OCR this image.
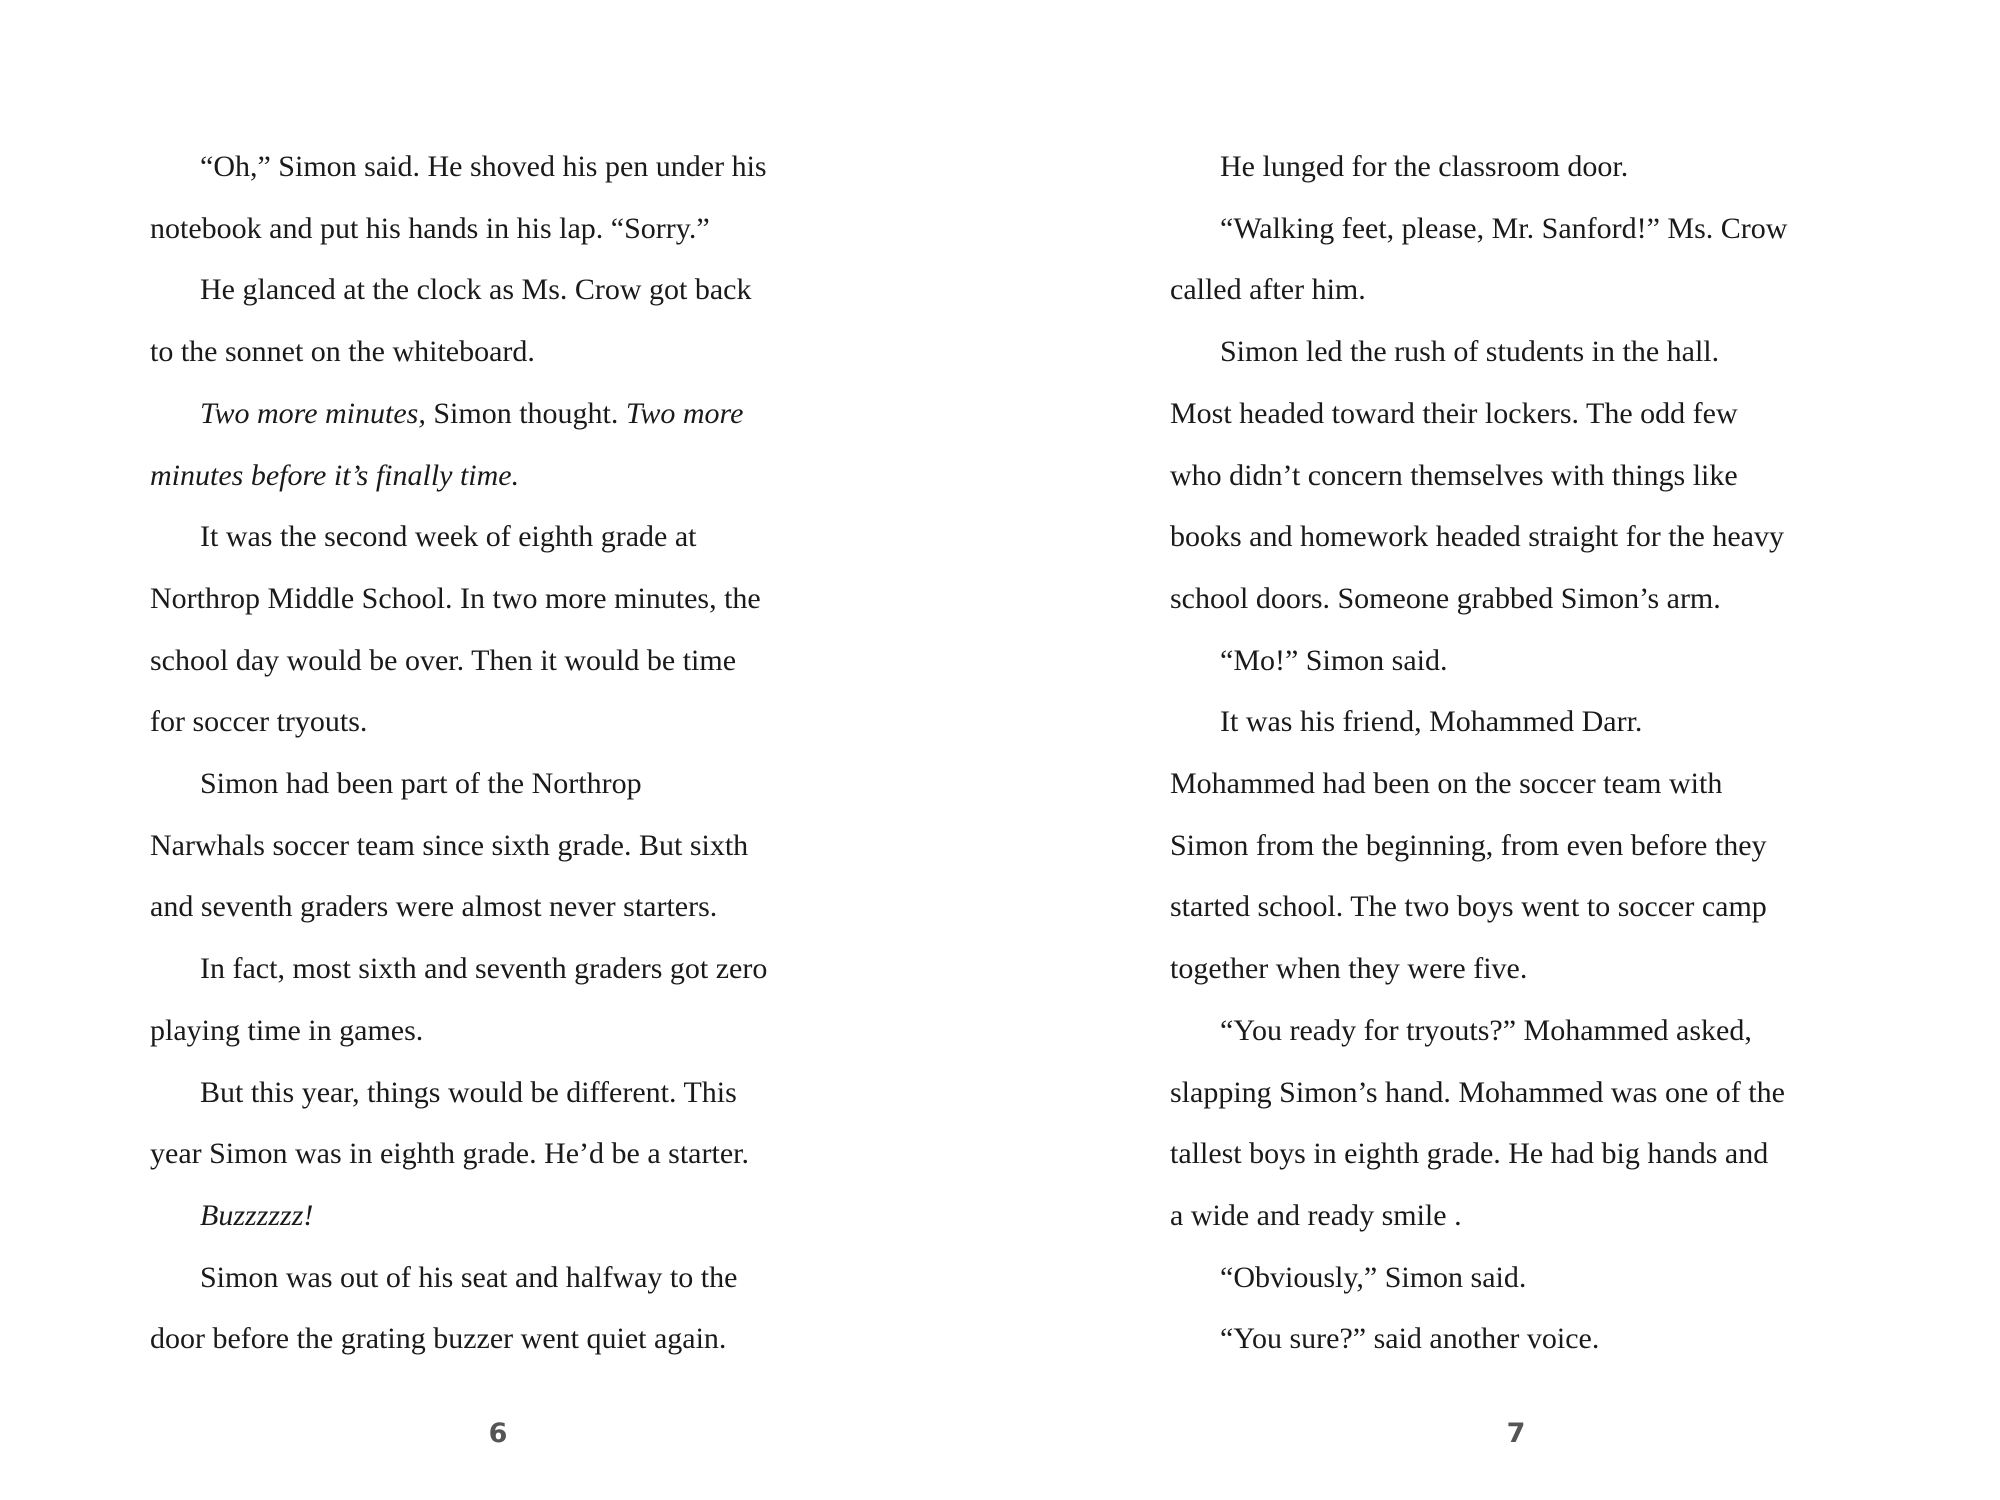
“Oh,” Simon said. He shoved his pen under his
notebook and put his hands in his lap. “Sorry.”
He glanced at the clock as Ms. Crow got back
to the sonnet on the whiteboard.
Two more minutes, Simon thought. Two more
minutes before it’s finally time.
It was the second week of eighth grade at
Northrop Middle School. In two more minutes, the
school day would be over. Then it would be time
for soccer tryouts.
Simon had been part of the Northrop
Narwhals soccer team since sixth grade. But sixth
and seventh graders were almost never starters.
In fact, most sixth and seventh graders got zero
playing time in games.
But this year, things would be different. This
year Simon was in eighth grade. He’d be a starter.
Buzzzzzz!
Simon was out of his seat and halfway to the
door before the grating buzzer went quiet again.
6
He lunged for the classroom door.
“Walking feet, please, Mr. Sanford!” Ms. Crow
called after him.
Simon led the rush of students in the hall.
Most headed toward their lockers. The odd few
who didn’t concern themselves with things like
books and homework headed straight for the heavy
school doors. Someone grabbed Simon’s arm.
“Mo!” Simon said.
It was his friend, Mohammed Darr.
Mohammed had been on the soccer team with
Simon from the beginning, from even before they
started school. The two boys went to soccer camp
together when they were five.
“You ready for tryouts?” Mohammed asked,
slapping Simon’s hand. Mohammed was one of the
tallest boys in eighth grade. He had big hands and
a wide and ready smile .
“Obviously,” Simon said.
“You sure?” said another voice.
7
